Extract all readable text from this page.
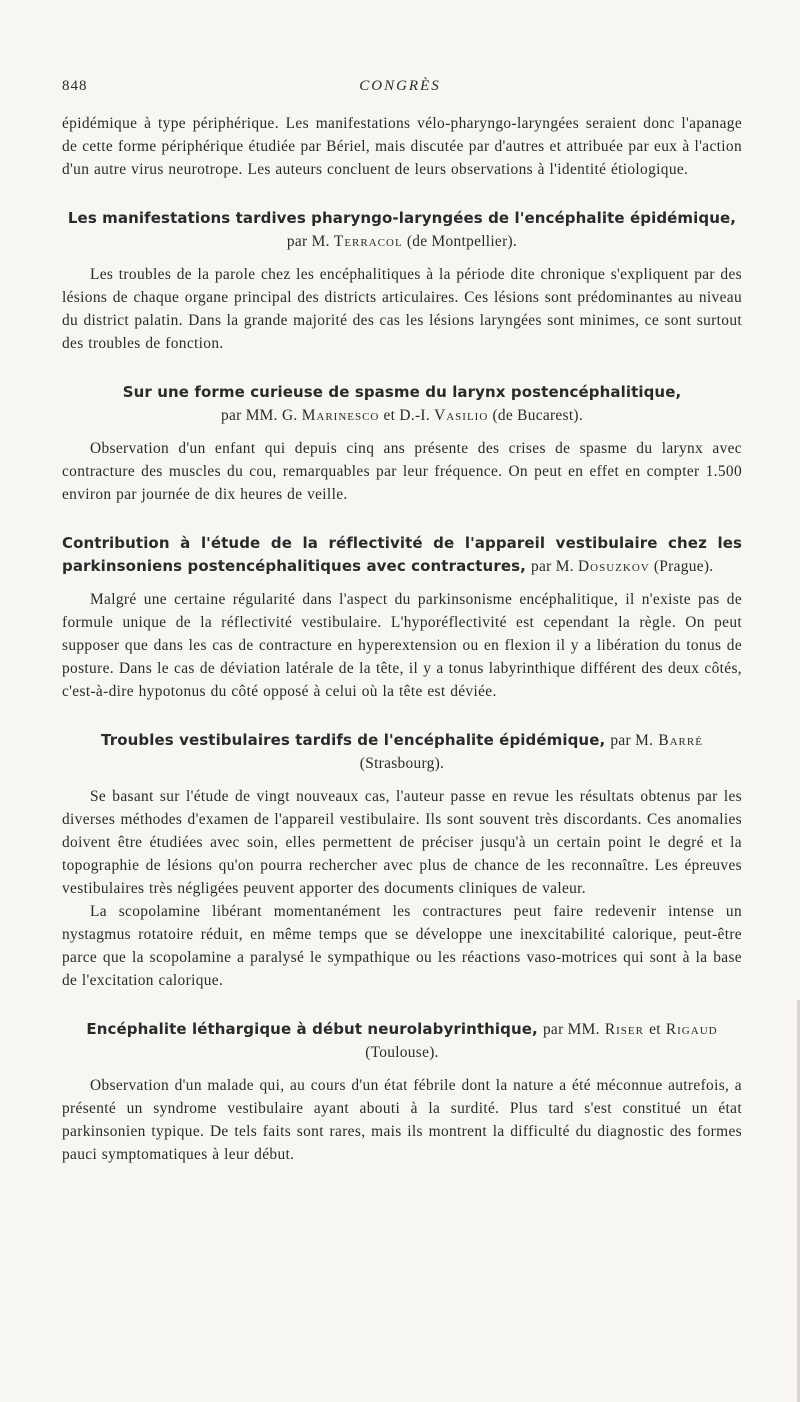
848	CONGRÈS

épidémique à type périphérique. Les manifestations vélo-pharyngo-laryngées seraient donc l'apanage de cette forme périphérique étudiée par Bériel, mais discutée par d'autres et attribuée par eux à l'action d'un autre virus neurotrope. Les auteurs concluent de leurs observations à l'identité étiologique.

Les manifestations tardives pharyngo-laryngées de l'encéphalite épidémique,
par M. Terracol (de Montpellier).

Les troubles de la parole chez les encéphalitiques à la période dite chronique s'expliquent par des lésions de chaque organe principal des districts articulaires. Ces lésions sont prédominantes au niveau du district palatin. Dans la grande majorité des cas les lésions laryngées sont minimes, ce sont surtout des troubles de fonction.

Sur une forme curieuse de spasme du larynx postencéphalitique,
par MM. G. Marinesco et D.-I. Vasilio (de Bucarest).

Observation d'un enfant qui depuis cinq ans présente des crises de spasme du larynx avec contracture des muscles du cou, remarquables par leur fréquence. On peut en effet en compter 1.500 environ par journée de dix heures de veille.

Contribution à l'étude de la réflectivité de l'appareil vestibulaire chez les parkinsoniens postencéphalitiques avec contractures, par M. Dosuzkov (Prague).

Malgré une certaine régularité dans l'aspect du parkinsonisme encéphalitique, il n'existe pas de formule unique de la réflectivité vestibulaire. L'hyporéflectivité est cependant la règle. On peut supposer que dans les cas de contracture en hyperextension ou en flexion il y a libération du tonus de posture. Dans le cas de déviation latérale de la tête, il y a tonus labyrinthique différent des deux côtés, c'est-à-dire hypotonus du côté opposé à celui où la tête est déviée.

Troubles vestibulaires tardifs de l'encéphalite épidémique, par M. Barré
(Strasbourg).

Se basant sur l'étude de vingt nouveaux cas, l'auteur passe en revue les résultats obtenus par les diverses méthodes d'examen de l'appareil vestibulaire. Ils sont souvent très discordants. Ces anomalies doivent être étudiées avec soin, elles permettent de préciser jusqu'à un certain point le degré et la topographie de lésions qu'on pourra rechercher avec plus de chance de les reconnaître. Les épreuves vestibulaires très négligées peuvent apporter des documents cliniques de valeur.

La scopolamine libérant momentanément les contractures peut faire redevenir intense un nystagmus rotatoire réduit, en même temps que se développe une inexcitabilité calorique, peut-être parce que la scopolamine a paralysé le sympathique ou les réactions vaso-motrices qui sont à la base de l'excitation calorique.

Encéphalite léthargique à début neurolabyrinthique, par MM. Riser et Rigaud
(Toulouse).

Observation d'un malade qui, au cours d'un état fébrile dont la nature a été méconnue autrefois, a présenté un syndrome vestibulaire ayant abouti à la surdité. Plus tard s'est constitué un état parkinsonien typique. De tels faits sont rares, mais ils montrent la difficulté du diagnostic des formes pauci symptomatiques à leur début.
